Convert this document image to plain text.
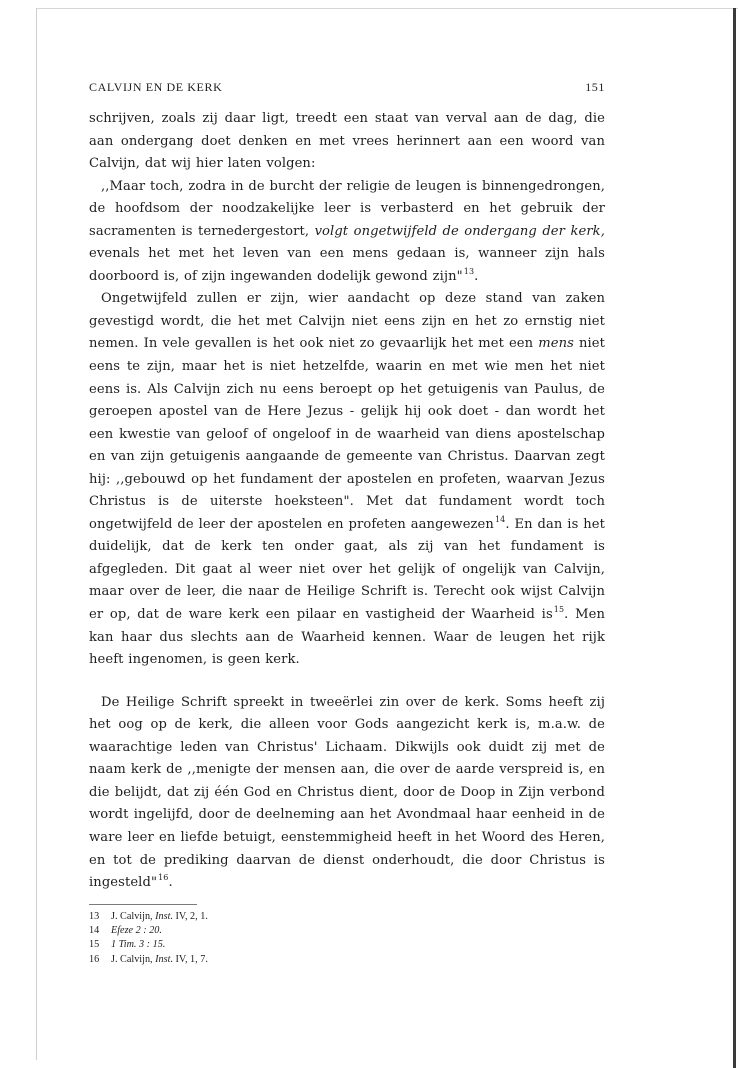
CALVIJN EN DE KERK	151

schrijven, zoals zij daar ligt, treedt een staat van verval aan de dag, die aan ondergang doet denken en met vrees herinnert aan een woord van Calvijn, dat wij hier laten volgen:

,,Maar toch, zodra in de burcht der religie de leugen is binnengedrongen, de hoofdsom der noodzakelijke leer is verbasterd en het gebruik der sacramenten is ternedergestort, volgt ongetwijfeld de ondergang der kerk, evenals het met het leven van een mens gedaan is, wanneer zijn hals doorboord is, of zijn ingewanden dodelijk gewond zijn"$^{13}$.

Ongetwijfeld zullen er zijn, wier aandacht op deze stand van zaken gevestigd wordt, die het met Calvijn niet eens zijn en het zo ernstig niet nemen. In vele gevallen is het ook niet zo gevaarlijk het met een mens niet eens te zijn, maar het is niet hetzelfde, waarin en met wie men het niet eens is. Als Calvijn zich nu eens beroept op het getuigenis van Paulus, de geroepen apostel van de Here Jezus - gelijk hij ook doet - dan wordt het een kwestie van geloof of ongeloof in de waarheid van diens apostelschap en van zijn getuigenis aangaande de gemeente van Christus. Daarvan zegt hij: ,,gebouwd op het fundament der apostelen en profeten, waarvan Jezus Christus is de uiterste hoeksteen". Met dat fundament wordt toch ongetwijfeld de leer der apostelen en profeten aangewezen$^{14}$. En dan is het duidelijk, dat de kerk ten onder gaat, als zij van het fundament is afgegleden. Dit gaat al weer niet over het gelijk of ongelijk van Calvijn, maar over de leer, die naar de Heilige Schrift is. Terecht ook wijst Calvijn er op, dat de ware kerk een pilaar en vastigheid der Waarheid $is^{15}$. Men kan haar dus slechts aan de Waarheid kennen. Waar de leugen het rijk heeft ingenomen, is geen kerk.

De Heilige Schrift spreekt in tweeërlei zin over de kerk. Soms heeft zij het oog op de kerk, die alleen voor Gods aangezicht kerk is, m.a.w. de waarachtige leden van Christus' Lichaam. Dikwijls ook duidt zij met de naam kerk de ,,menigte der mensen aan, die over de aarde verspreid is, en die belijdt, dat zij één God en Christus dient, door de Doop in Zijn verbond wordt ingelijfd, door de deelneming aan het Avondmaal haar eenheid in de ware leer en liefde betuigt, eenstemmigheid heeft in het Woord des Heren, en tot de prediking daarvan de dienst onderhoudt, die door Christus is ingesteld"$^{16}$.

13 J. Calvijn, Inst. IV, 2, 1.
14 Efeze 2 : 20.
15 1 Tim. 3 : 15.
16 J. Calvijn, Inst. IV, 1, 7.
